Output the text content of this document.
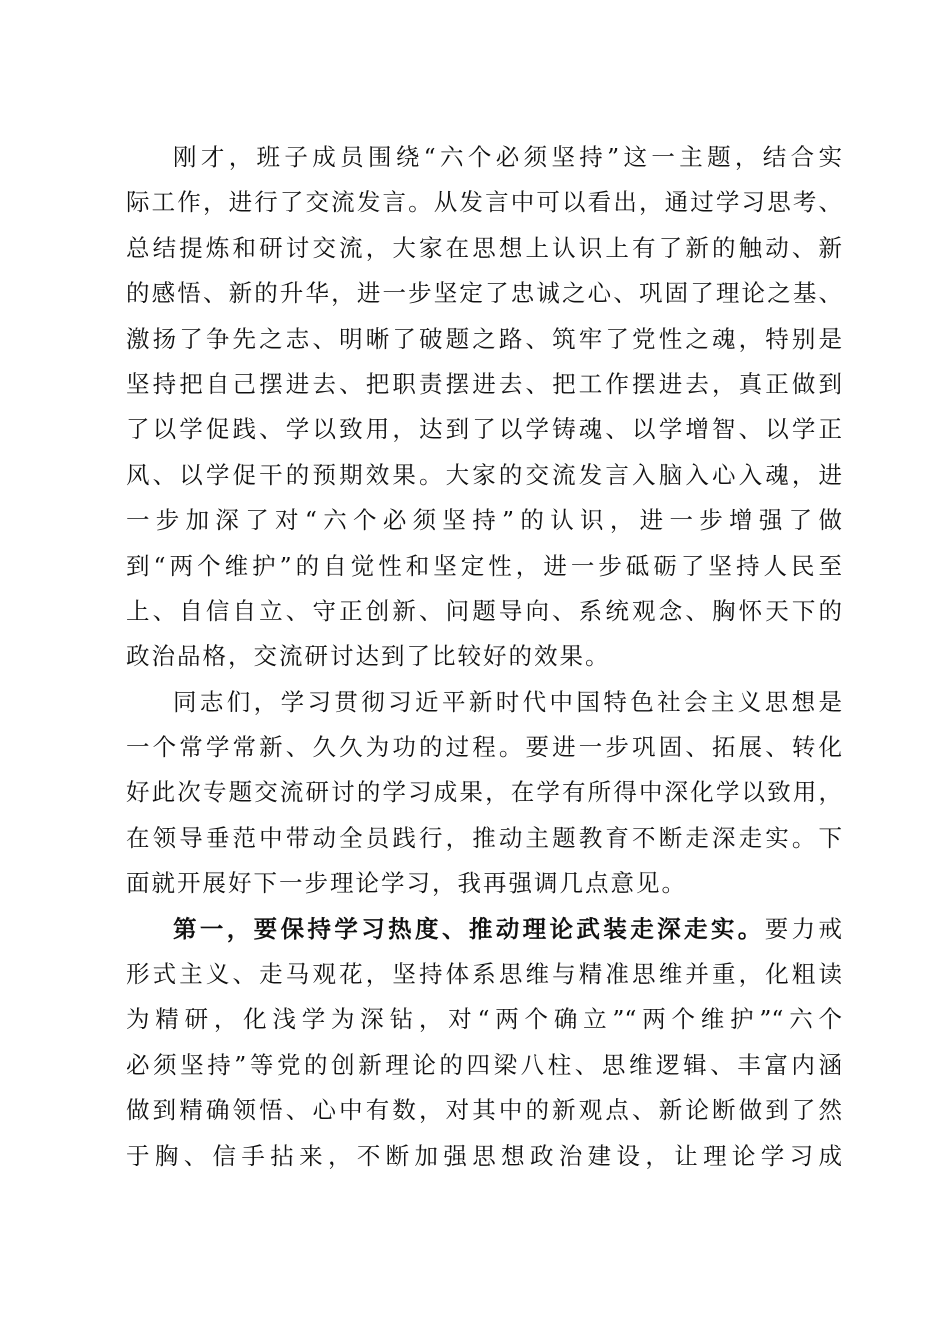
刚才，班子成员围绕“六个必须坚持”这一主题，结合实
际工作，进行了交流发言。从发言中可以看出，通过学习思考、
总结提炼和研讨交流，大家在思想上认识上有了新的触动、新
的感悟、新的升华，进一步坚定了忠诚之心、巩固了理论之基、
激扬了争先之志、明晰了破题之路、筑牢了党性之魂，特别是
坚持把自己摆进去、把职责摆进去、把工作摆进去，真正做到
了以学促践、学以致用，达到了以学铸魂、以学增智、以学正
风、以学促干的预期效果。大家的交流发言入脑入心入魂，进
一步加深了对“六个必须坚持”的认识，进一步增强了做
到“两个维护”的自觉性和坚定性，进一步砥砺了坚持人民至
上、自信自立、守正创新、问题导向、系统观念、胸怀天下的
政治品格，交流研讨达到了比较好的效果。
同志们，学习贯彻习近平新时代中国特色社会主义思想是
一个常学常新、久久为功的过程。要进一步巩固、拓展、转化
好此次专题交流研讨的学习成果，在学有所得中深化学以致用，
在领导垂范中带动全员践行，推动主题教育不断走深走实。下
面就开展好下一步理论学习，我再强调几点意见。
第一，要保持学习热度、推动理论武装走深走实。要力戒
形式主义、走马观花，坚持体系思维与精准思维并重，化粗读
为精研，化浅学为深钻，对“两个确立”“两个维护”“六个
必须坚持”等党的创新理论的四梁八柱、思维逻辑、丰富内涵
做到精确领悟、心中有数，对其中的新观点、新论断做到了然
于胸、信手拈来，不断加强思想政治建设，让理论学习成
